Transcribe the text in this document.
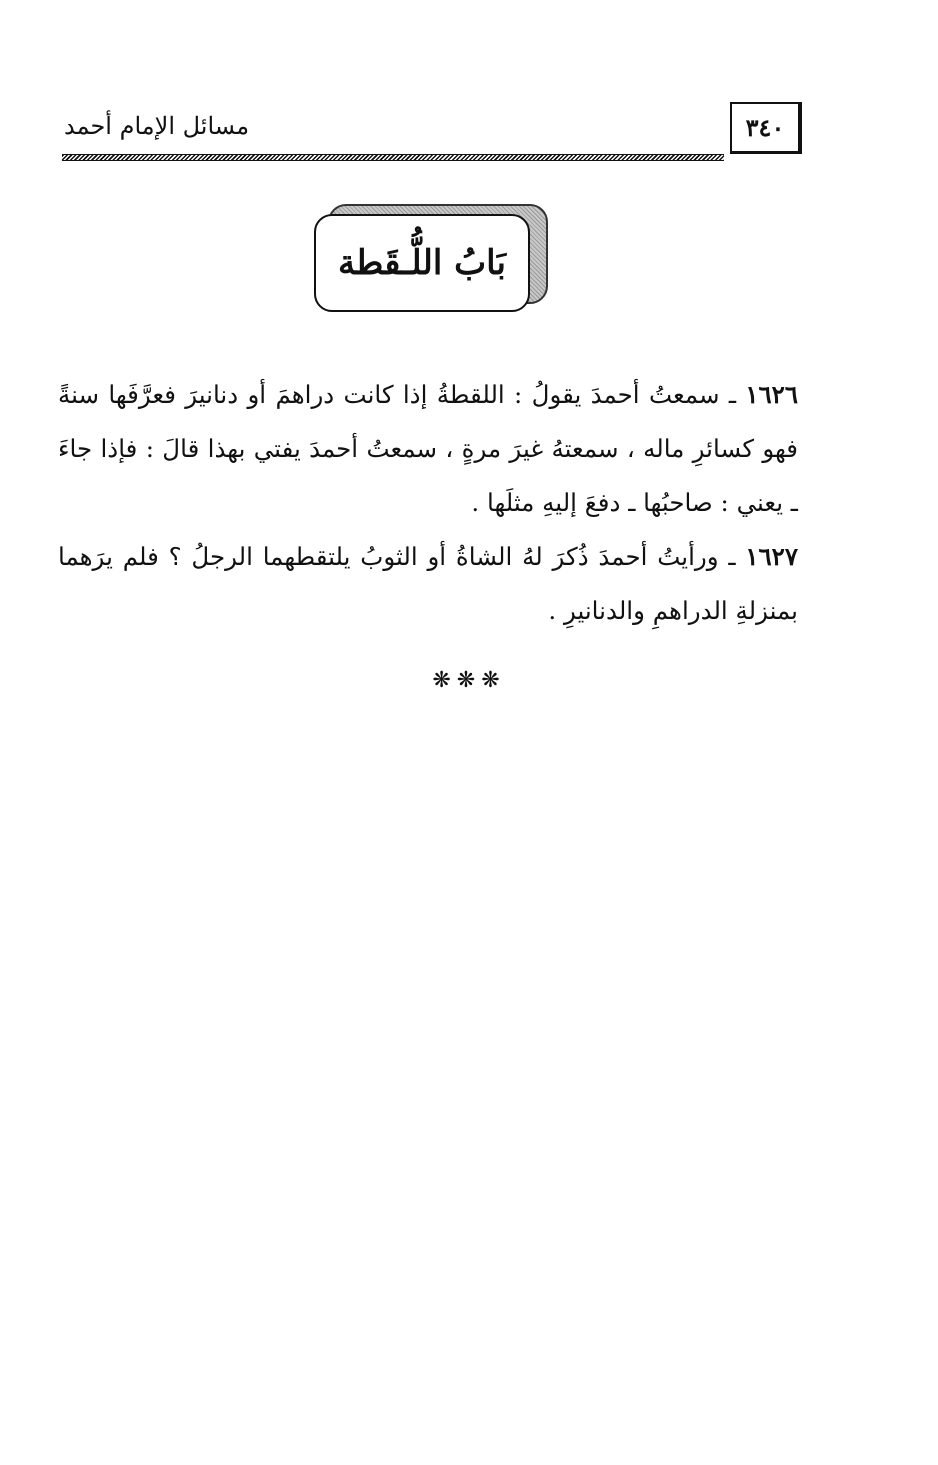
٣٤٠
مسائل الإمام أحمد
بَابُ اللُّـقَطة

١٦٢٦ ـ سمعتُ أحمدَ يقولُ : اللقطةُ إذا كانت دراهمَ أو دنانيرَ فعرَّفَها سنةً فهو كسائرِ ماله ، سمعتهُ غيرَ مرةٍ ، سمعتُ أحمدَ يفتي بهذا قالَ : فإذا جاءَ ـ يعني : صاحبُها ـ دفعَ إليهِ مثلَها .

١٦٢٧ ـ ورأيتُ أحمدَ ذُكرَ لهُ الشاةُ أو الثوبُ يلتقطهما الرجلُ ؟ فلم يرَهما بمنزلةِ الدراهمِ والدنانيرِ .

❋❋❋
